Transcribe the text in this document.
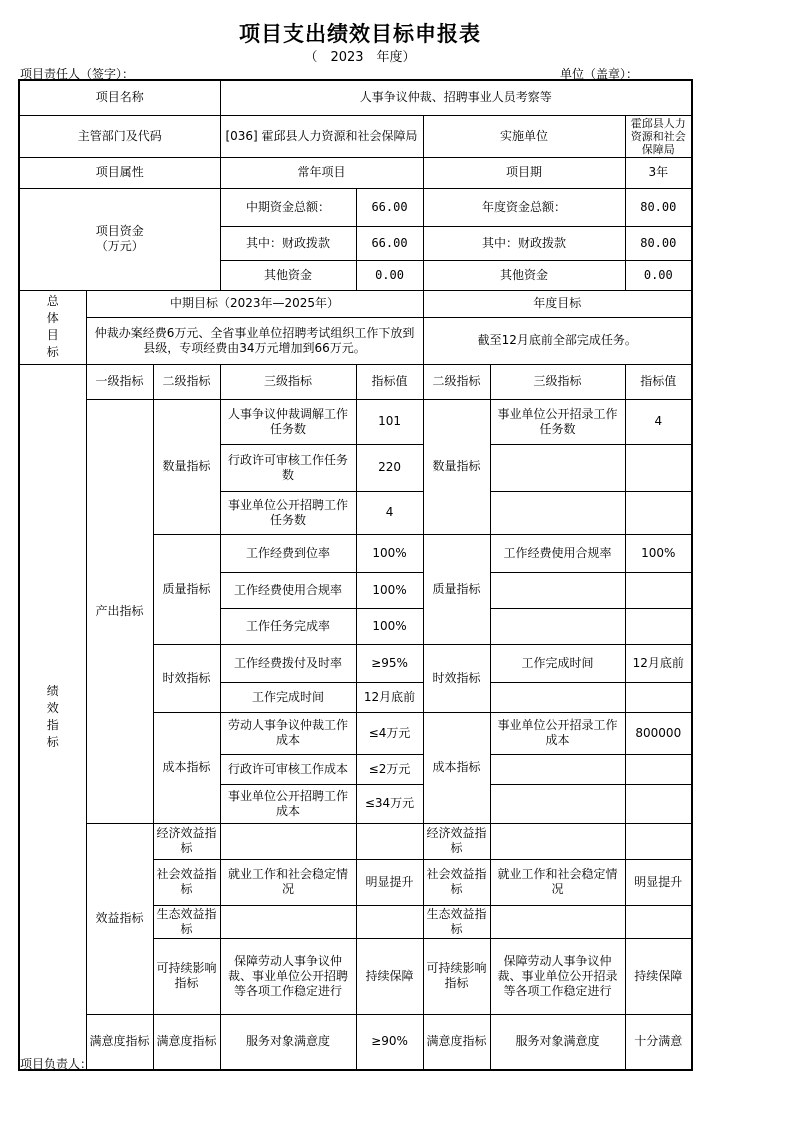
项目支出绩效目标申报表
（　2023　年度）
项目责任人（签字）：	单位（盖章）：
项目名称			人事争议仲裁、招聘事业人员考察等				
主管部门及代码			[036] 霍邱县人力资源和社会保障局		实施单位		霍邱县人力资源和社会保障局
项目属性			常年项目		项目期		3年
项目资金（万元）			中期资金总额：	66.00	年度资金总额：		80.00
			其中：财政拨款	66.00	其中：财政拨款		80.00
			其他资金	0.00	其他资金		0.00
总体目标	中期目标（2023年—2025年）				年度目标		
	仲裁办案经费6万元、全省事业单位招聘考试组织工作下放到县级，专项经费由34万元增加到66万元。				截至12月底前全部完成任务。		
绩效指标	一级指标	二级指标	三级指标	指标值	二级指标	三级指标	指标值
	产出指标	数量指标	人事争议仲裁调解工作任务数	101	数量指标	事业单位公开招录工作任务数	4
			行政许可审核工作任务数	220			
			事业单位公开招聘工作任务数	4			
		质量指标	工作经费到位率	100%	质量指标	工作经费使用合规率	100%
			工作经费使用合规率	100%			
			工作任务完成率	100%			
		时效指标	工作经费拨付及时率	≥95%	时效指标	工作完成时间	12月底前
			工作完成时间	12月底前			
		成本指标	劳动人事争议仲裁工作成本	≤4万元	成本指标	事业单位公开招录工作成本	800000
			行政许可审核工作成本	≤2万元			
			事业单位公开招聘工作成本	≤34万元			
	效益指标	经济效益指标			经济效益指标		
		社会效益指标	就业工作和社会稳定情况	明显提升	社会效益指标	就业工作和社会稳定情况	明显提升
		生态效益指标			生态效益指标		
		可持续影响指标	保障劳动人事争议仲裁、事业单位公开招聘等各项工作稳定进行	持续保障	可持续影响指标	保障劳动人事争议仲裁、事业单位公开招录等各项工作稳定进行	持续保障
	满意度指标	满意度指标	服务对象满意度	≥90%	满意度指标	服务对象满意度	十分满意
项目负责人：
